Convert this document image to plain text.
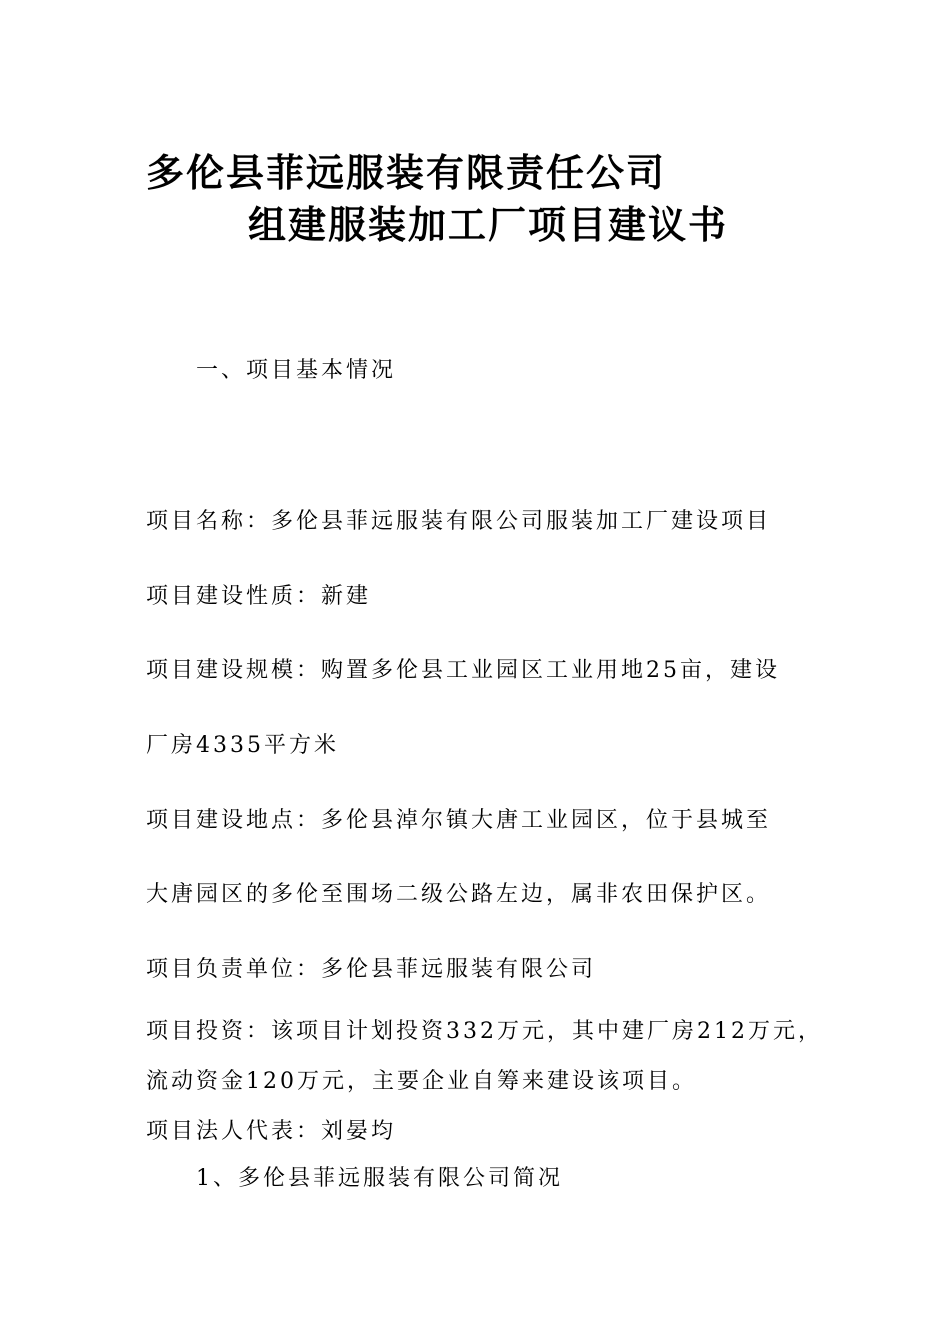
多伦县菲远服装有限责任公司
组建服装加工厂项目建议书
一、项目基本情况
项目名称：多伦县菲远服装有限公司服装加工厂建设项目
项目建设性质：新建
项目建设规模：购置多伦县工业园区工业用地25亩，建设
厂房4335平方米
项目建设地点：多伦县淖尔镇大唐工业园区，位于县城至
大唐园区的多伦至围场二级公路左边，属非农田保护区。
项目负责单位：多伦县菲远服装有限公司
项目投资：该项目计划投资332万元，其中建厂房212万元，
流动资金120万元，主要企业自筹来建设该项目。
项目法人代表：刘晏均
1、多伦县菲远服装有限公司简况
